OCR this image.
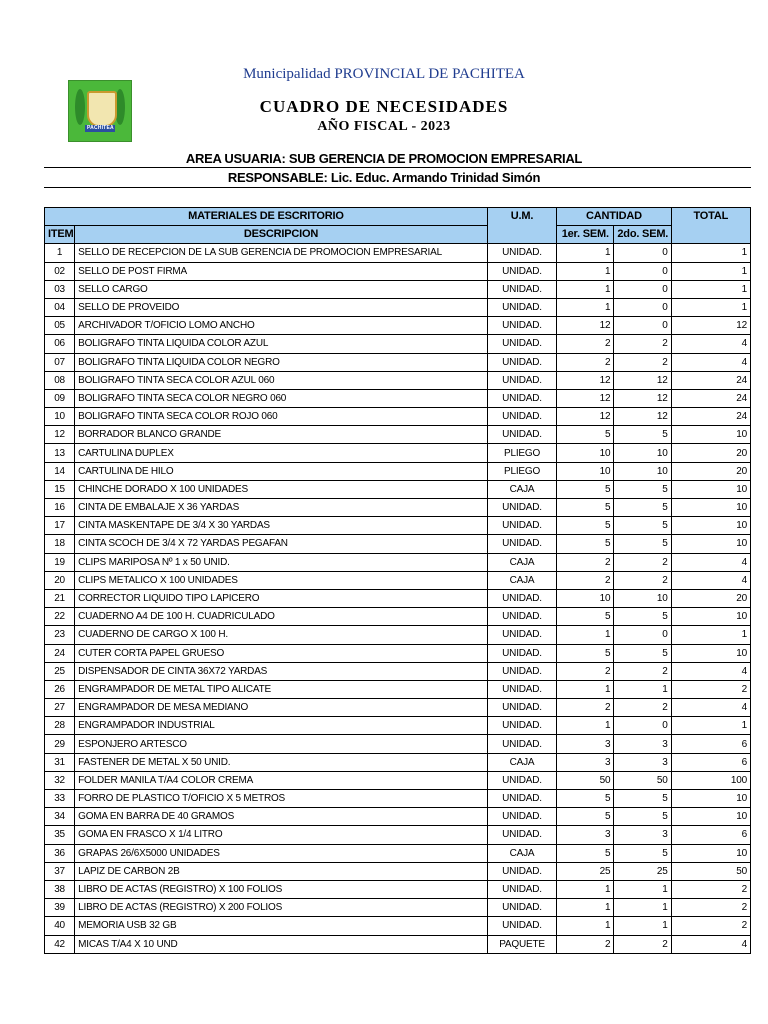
Municipalidad PROVINCIAL DE PACHITEA
PACHITEA
CUADRO DE NECESIDADES
AÑO FISCAL - 2023
AREA USUARIA: SUB GERENCIA DE PROMOCION EMPRESARIAL
RESPONSABLE: Lic. Educ. Armando Trinidad Simón
MATERIALES DE ESCRITORIO		U.M.	CANTIDAD		TOTAL
ITEM	DESCRIPCION		1er. SEM.	2do. SEM.	
1	SELLO DE RECEPCION DE LA SUB GERENCIA DE PROMOCION EMPRESARIAL	UNIDAD.	1	0	1
02	SELLO DE POST FIRMA	UNIDAD.	1	0	1
03	SELLO CARGO	UNIDAD.	1	0	1
04	SELLO DE PROVEIDO	UNIDAD.	1	0	1
05	ARCHIVADOR T/OFICIO LOMO ANCHO	UNIDAD.	12	0	12
06	BOLIGRAFO TINTA LIQUIDA COLOR AZUL	UNIDAD.	2	2	4
07	BOLIGRAFO TINTA LIQUIDA COLOR NEGRO	UNIDAD.	2	2	4
08	BOLIGRAFO TINTA SECA COLOR AZUL 060	UNIDAD.	12	12	24
09	BOLIGRAFO TINTA SECA COLOR NEGRO 060	UNIDAD.	12	12	24
10	BOLIGRAFO TINTA SECA COLOR ROJO 060	UNIDAD.	12	12	24
12	BORRADOR BLANCO GRANDE	UNIDAD.	5	5	10
13	CARTULINA DUPLEX	PLIEGO	10	10	20
14	CARTULINA DE HILO	PLIEGO	10	10	20
15	CHINCHE DORADO X 100 UNIDADES	CAJA	5	5	10
16	CINTA DE EMBALAJE X 36 YARDAS	UNIDAD.	5	5	10
17	CINTA MASKENTAPE DE 3/4 X 30 YARDAS	UNIDAD.	5	5	10
18	CINTA SCOCH DE 3/4 X 72 YARDAS PEGAFAN	UNIDAD.	5	5	10
19	CLIPS MARIPOSA Nº 1 x 50 UNID.	CAJA	2	2	4
20	CLIPS METALICO X 100 UNIDADES	CAJA	2	2	4
21	CORRECTOR LIQUIDO TIPO LAPICERO	UNIDAD.	10	10	20
22	CUADERNO A4 DE 100 H. CUADRICULADO	UNIDAD.	5	5	10
23	CUADERNO DE CARGO X 100 H.	UNIDAD.	1	0	1
24	CUTER CORTA PAPEL GRUESO	UNIDAD.	5	5	10
25	DISPENSADOR DE CINTA 36X72 YARDAS	UNIDAD.	2	2	4
26	ENGRAMPADOR DE METAL TIPO ALICATE	UNIDAD.	1	1	2
27	ENGRAMPADOR DE MESA MEDIANO	UNIDAD.	2	2	4
28	ENGRAMPADOR INDUSTRIAL	UNIDAD.	1	0	1
29	ESPONJERO ARTESCO	UNIDAD.	3	3	6
31	FASTENER DE METAL X 50 UNID.	CAJA	3	3	6
32	FOLDER MANILA T/A4 COLOR CREMA	UNIDAD.	50	50	100
33	FORRO DE PLASTICO T/OFICIO X 5 METROS	UNIDAD.	5	5	10
34	GOMA EN BARRA DE 40 GRAMOS	UNIDAD.	5	5	10
35	GOMA EN FRASCO X 1/4 LITRO	UNIDAD.	3	3	6
36	GRAPAS 26/6X5000 UNIDADES	CAJA	5	5	10
37	LAPIZ DE CARBON 2B	UNIDAD.	25	25	50
38	LIBRO DE ACTAS (REGISTRO) X 100 FOLIOS	UNIDAD.	1	1	2
39	LIBRO DE ACTAS (REGISTRO) X 200 FOLIOS	UNIDAD.	1	1	2
40	MEMORIA USB 32 GB	UNIDAD.	1	1	2
42	MICAS T/A4 X 10 UND	PAQUETE	2	2	4
